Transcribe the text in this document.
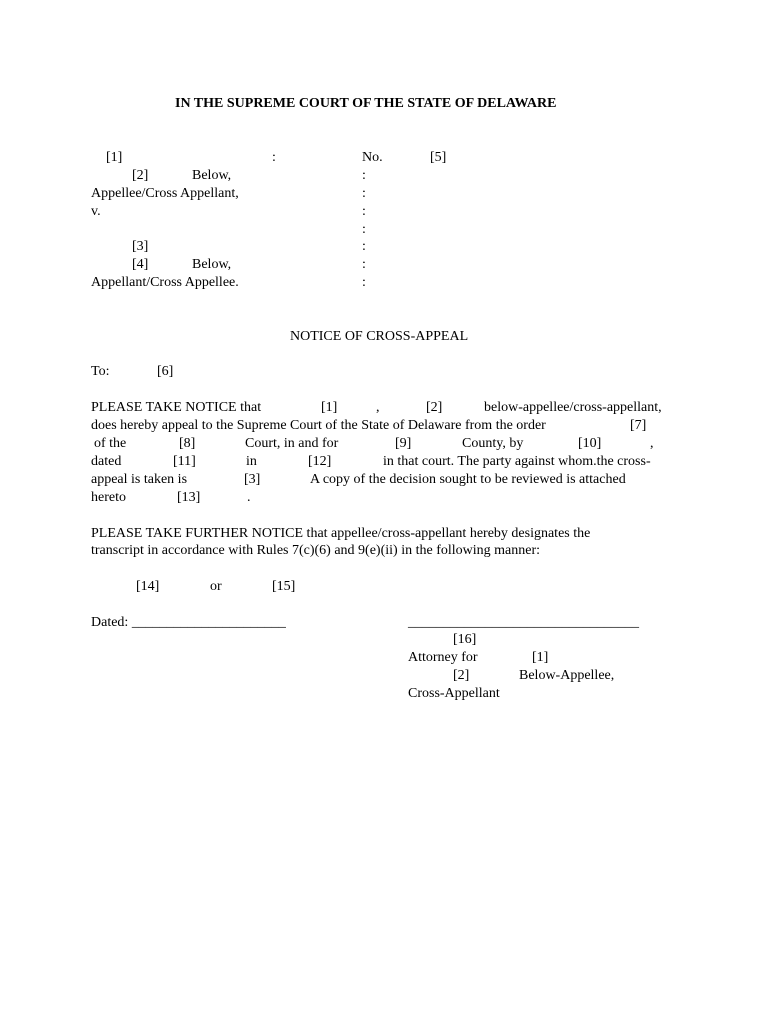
IN THE SUPREME COURT OF THE STATE OF DELAWARE
[1]	:	No.	[5]
[2]	Below,	:
Appellee/Cross Appellant,	:
v.	:
:
[3]	:
[4]	Below,	:
Appellant/Cross Appellee.	:
NOTICE OF CROSS-APPEAL
To:	[6]
PLEASE TAKE NOTICE that	[1]	,	[2]	below-appellee/cross-appellant,
does hereby appeal to the Supreme Court of the State of Delaware from the order	[7]
of the	[8]	Court, in and for	[9]	County, by	[10]	,
dated	[11]	in	[12]	in that court. The party against whom.the cross-
appeal is taken is	[3]	A copy of the decision sought to be reviewed is attached
hereto	[13]	.
PLEASE TAKE FURTHER NOTICE that appellee/cross-appellant hereby designates the
transcript in accordance with Rules 7(c)(6) and 9(e)(ii) in the following manner:
[14]	or	[15]
Dated: ______________________	_________________________________
[16]
Attorney for	[1]
[2]	Below-Appellee,
Cross-Appellant
